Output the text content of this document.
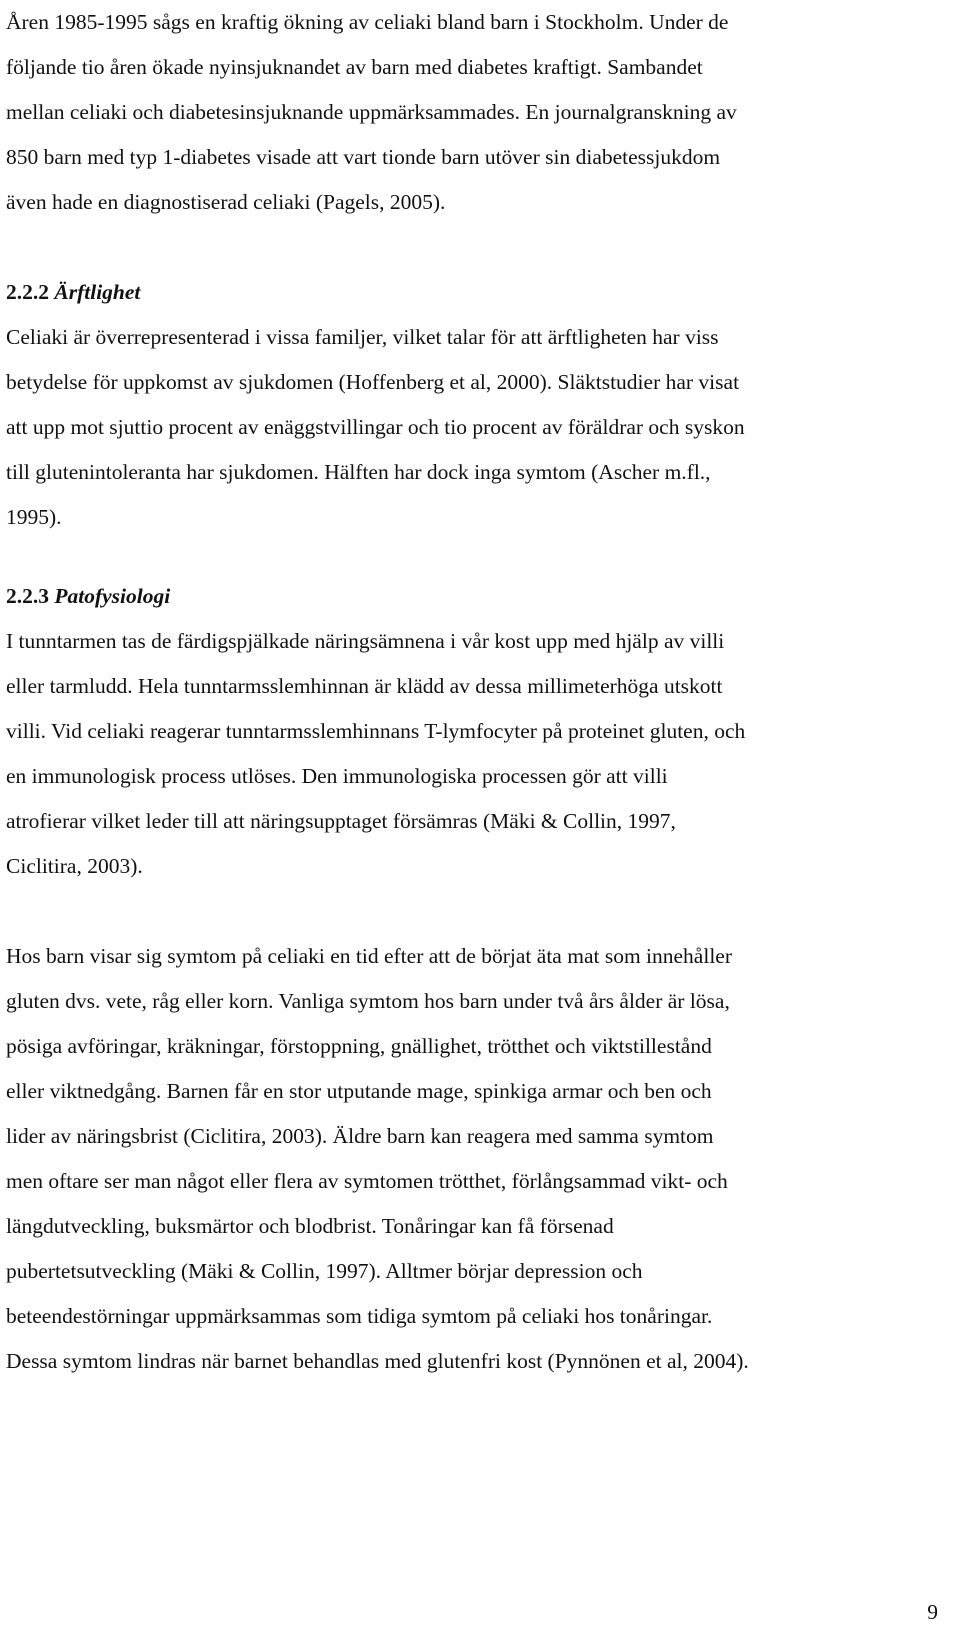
Åren 1985-1995 sågs en kraftig ökning av celiaki bland barn i Stockholm. Under de
följande tio åren ökade nyinsjuknandet av barn med diabetes kraftigt. Sambandet
mellan celiaki och diabetesinsjuknande uppmärksammades. En journalgranskning av
850 barn med typ 1-diabetes visade att vart tionde barn utöver sin diabetessjukdom
även hade en diagnostiserad celiaki (Pagels, 2005).

2.2.2 Ärftlighet

Celiaki är överrepresenterad i vissa familjer, vilket talar för att ärftligheten har viss
betydelse för uppkomst av sjukdomen (Hoffenberg et al, 2000). Släktstudier har visat
att upp mot sjuttio procent av enäggstvillingar och tio procent av föräldrar och syskon
till glutenintoleranta har sjukdomen. Hälften har dock inga symtom (Ascher m.fl.,
1995).

2.2.3 Patofysiologi

I tunntarmen tas de färdigspjälkade näringsämnena i vår kost upp med hjälp av villi
eller tarmludd. Hela tunntarmsslemhinnan är klädd av dessa millimeterhöga utskott
villi. Vid celiaki reagerar tunntarmsslemhinnans T-lymfocyter på proteinet gluten, och
en immunologisk process utlöses. Den immunologiska processen gör att villi
atrofierar vilket leder till att näringsupptaget försämras (Mäki & Collin, 1997,
Ciclitira, 2003).

Hos barn visar sig symtom på celiaki en tid efter att de börjat äta mat som innehåller
gluten dvs. vete, råg eller korn. Vanliga symtom hos barn under två års ålder är lösa,
pösiga avföringar, kräkningar, förstoppning, gnällighet, trötthet och viktstillestånd
eller viktnedgång. Barnen får en stor utputande mage, spinkiga armar och ben och
lider av näringsbrist (Ciclitira, 2003). Äldre barn kan reagera med samma symtom
men oftare ser man något eller flera av symtomen trötthet, förlångsammad vikt- och
längdutveckling, buksmärtor och blodbrist. Tonåringar kan få försenad
pubertetsutveckling (Mäki & Collin, 1997). Alltmer börjar depression och
beteendestörningar uppmärksammas som tidiga symtom på celiaki hos tonåringar.
Dessa symtom lindras när barnet behandlas med glutenfri kost (Pynnönen et al, 2004).

9
